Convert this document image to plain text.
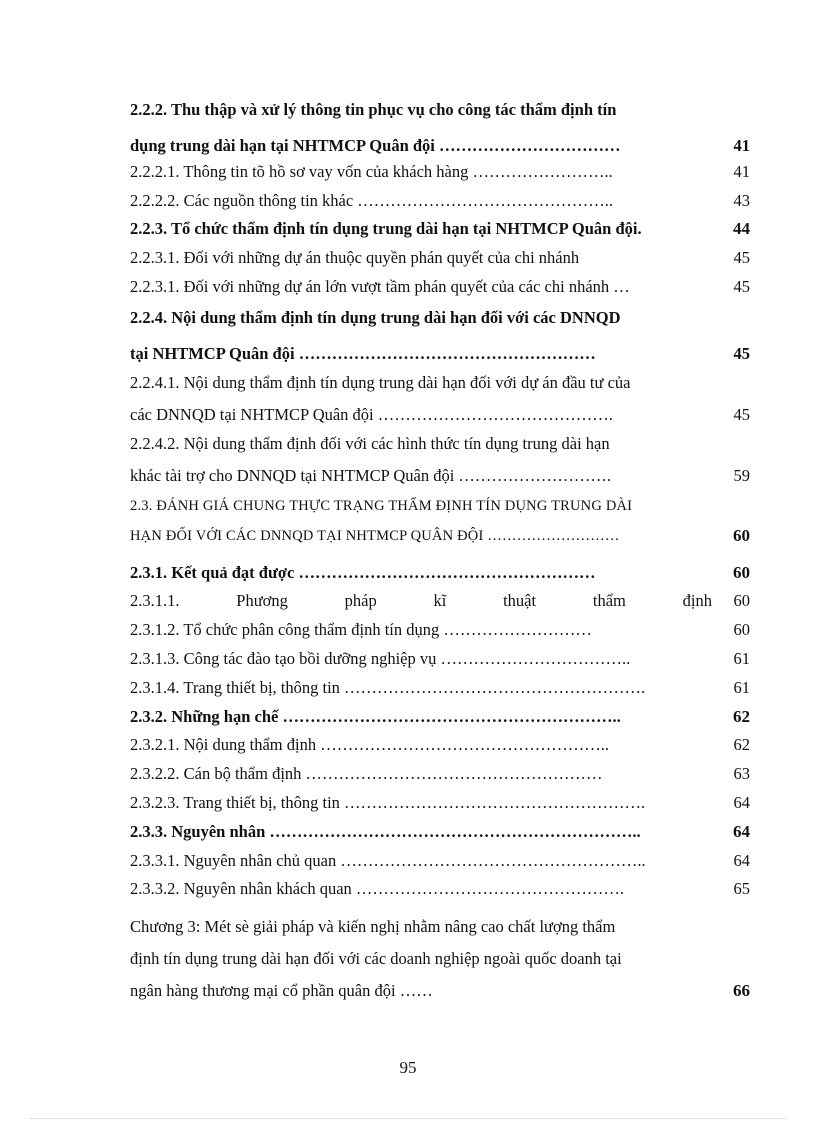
2.2.2. Thu thập và xử lý thông tin phục vụ cho công tác thẩm định tín
dụng trung dài hạn tại NHTMCP Quân đội ……………………………	41
2.2.2.1. Thông tin tõ hồ sơ vay vốn của khách hàng ……………………..	41
2.2.2.2. Các nguồn thông tin khác ………………………………………..	43
2.2.3. Tổ chức thẩm định tín dụng trung dài hạn tại NHTMCP Quân đội.	44
2.2.3.1. Đối với những dự án thuộc quyền phán quyết của chi nhánh	45
2.2.3.1. Đối với những dự án lớn vượt tầm phán quyết của các chi nhánh …	45
2.2.4. Nội dung thẩm định tín dụng trung dài hạn đối với các DNNQD
tại NHTMCP Quân đội ………………………………………………	45
2.2.4.1. Nội dung thẩm định tín dụng trung dài hạn đối với dự án đầu tư của
các DNNQD tại NHTMCP Quân đội …………………………………….	45
2.2.4.2. Nội dung thẩm định đối với các hình thức tín dụng trung dài hạn
khác tài trợ cho DNNQD tại NHTMCP Quân đội ……………………….	59
2.3. ĐÁNH GIÁ CHUNG THỰC TRẠNG THẨM ĐỊNH TÍN DỤNG TRUNG DÀI
HẠN ĐỐI VỚI CÁC DNNQD TẠI NHTMCP QUÂN ĐỘI ………………………	60
2.3.1. Kết quả đạt được ………………………………………………	60
2.3.1.1.	Phương	pháp	kĩ	thuật	thẩm	định	60
2.3.1.2. Tổ chức phân công thẩm định tín dụng ………………………	60
2.3.1.3. Công tác đào tạo bồi dưỡng nghiệp vụ ……………………………..	61
2.3.1.4. Trang thiết bị, thông tin ……………………………………………….	61
2.3.2. Những hạn chế ……………………………………………………..	62
2.3.2.1. Nội dung thẩm định ……………………………………………..	62
2.3.2.2. Cán bộ thẩm định ………………………………………………	63
2.3.2.3. Trang thiết bị, thông tin ……………………………………………….	64
2.3.3. Nguyên nhân …………………………………………………………..	64
2.3.3.1. Nguyên nhân chủ quan ………………………………………………..	64
2.3.3.2. Nguyên nhân khách quan ………………………………………….	65
Chương 3: Mét sè giải pháp và kiến nghị nhằm nâng cao chất lượng thẩm
định tín dụng trung dài hạn đối với các doanh nghiệp ngoài quốc doanh tại
ngân hàng thương mại cổ phần quân đội ……	66
95
